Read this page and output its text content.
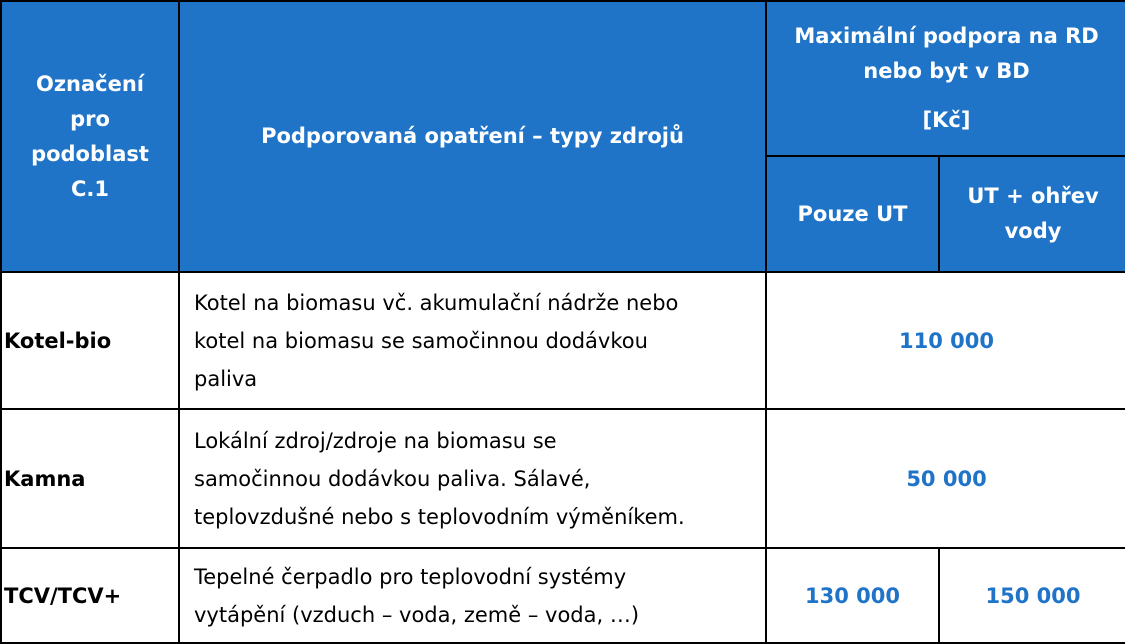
Označení
pro
podoblast
C.1	Podporovaná opatření – typy zdrojů	Maximální podpora na RD
nebo byt v BD
[Kč]	

		Pouze UT	UT + ohřev
vody

Kotel-bio	Kotel na biomasu vč. akumulační nádrže nebo
kotel na biomasu se samočinnou dodávkou
paliva	110 000	
Kamna	Lokální zdroj/zdroje na biomasu se
samočinnou dodávkou paliva. Sálavé,
teplovzdušné nebo s teplovodním výměníkem.	50 000	
TCV/TCV+	Tepelné čerpadlo pro teplovodní systémy
vytápění (vzduch – voda, země – voda, …)	130 000	150 000
